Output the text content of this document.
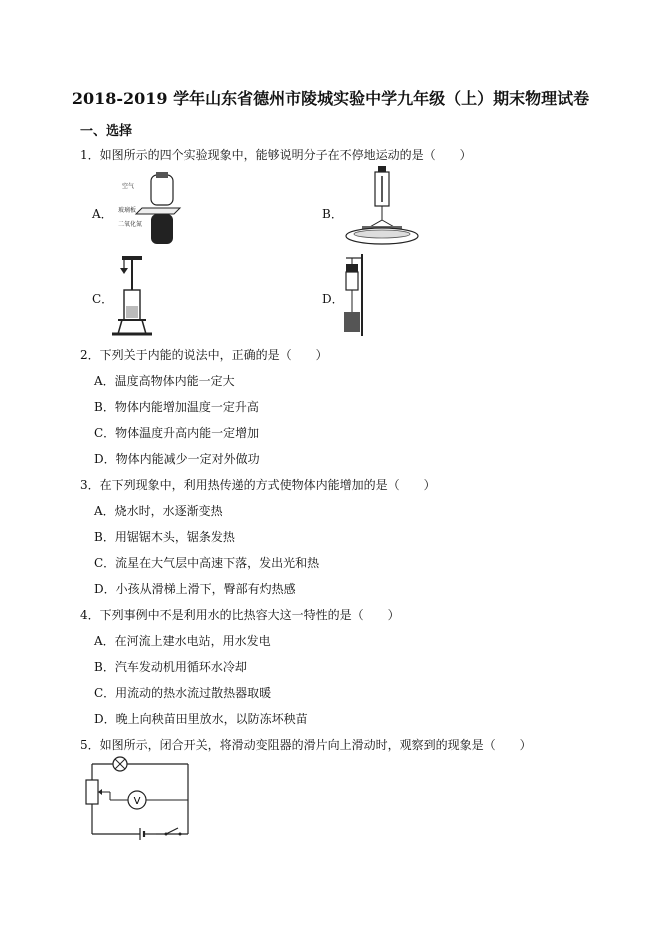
2018-2019 学年山东省德州市陵城实验中学九年级（上）期末物理试卷
一、选择
1．如图所示的四个实验现象中，能够说明分子在不停地运动的是（　　）
A．
空气
玻璃板
二氧化氮
B．
C．	D．
2．下列关于内能的说法中，正确的是（　　）
A．温度高物体内能一定大
B．物体内能增加温度一定升高
C．物体温度升高内能一定增加
D．物体内能减少一定对外做功
3．在下列现象中，利用热传递的方式使物体内能增加的是（　　）
A．烧水时，水逐渐变热
B．用锯锯木头，锯条发热
C．流星在大气层中高速下落，发出光和热
D．小孩从滑梯上滑下，臀部有灼热感
4．下列事例中不是利用水的比热容大这一特性的是（　　）
A．在河流上建水电站，用水发电
B．汽车发动机用循环水冷却
C．用流动的热水流过散热器取暖
D．晚上向秧苗田里放水，以防冻坏秧苗
5．如图所示，闭合开关，将滑动变阻器的滑片向上滑动时，观察到的现象是（　　）
V
